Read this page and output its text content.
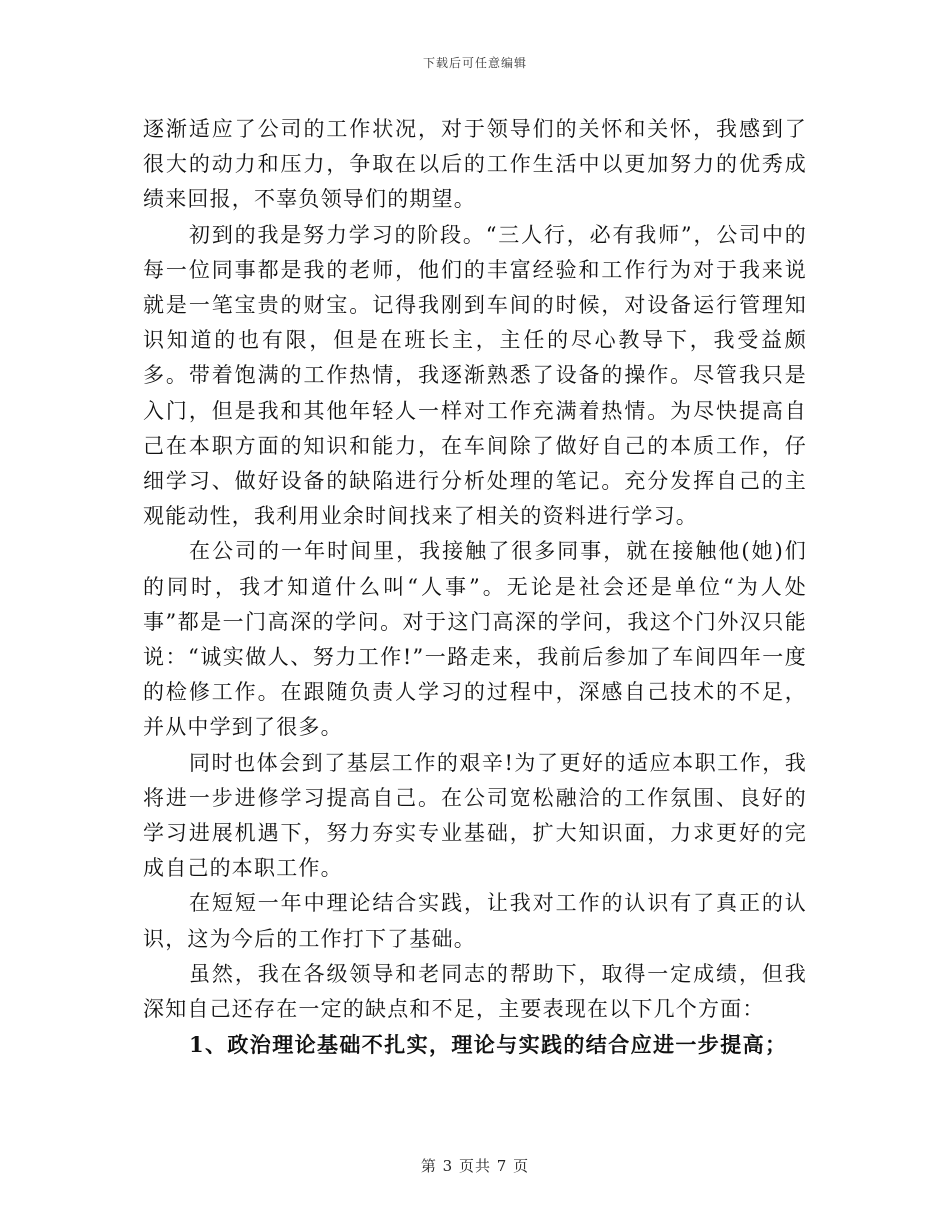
下载后可任意编辑

逐渐适应了公司的工作状况，对于领导们的关怀和关怀，我感到了很大的动力和压力，争取在以后的工作生活中以更加努力的优秀成绩来回报，不辜负领导们的期望。

初到的我是努力学习的阶段。“三人行，必有我师”，公司中的每一位同事都是我的老师，他们的丰富经验和工作行为对于我来说就是一笔宝贵的财宝。记得我刚到车间的时候，对设备运行管理知识知道的也有限，但是在班长主，主任的尽心教导下，我受益颇多。带着饱满的工作热情，我逐渐熟悉了设备的操作。尽管我只是入门，但是我和其他年轻人一样对工作充满着热情。为尽快提高自己在本职方面的知识和能力，在车间除了做好自己的本质工作，仔细学习、做好设备的缺陷进行分析处理的笔记。充分发挥自己的主观能动性，我利用业余时间找来了相关的资料进行学习。

在公司的一年时间里，我接触了很多同事，就在接触他(她)们的同时，我才知道什么叫“人事”。无论是社会还是单位“为人处事”都是一门高深的学问。对于这门高深的学问，我这个门外汉只能说：“诚实做人、努力工作!”一路走来，我前后参加了车间四年一度的检修工作。在跟随负责人学习的过程中，深感自己技术的不足，并从中学到了很多。

同时也体会到了基层工作的艰辛!为了更好的适应本职工作，我将进一步进修学习提高自己。在公司宽松融洽的工作氛围、良好的学习进展机遇下，努力夯实专业基础，扩大知识面，力求更好的完成自己的本职工作。

在短短一年中理论结合实践，让我对工作的认识有了真正的认识，这为今后的工作打下了基础。

虽然，我在各级领导和老同志的帮助下，取得一定成绩，但我深知自己还存在一定的缺点和不足，主要表现在以下几个方面：

1、政治理论基础不扎实，理论与实践的结合应进一步提高；

第 3 页共 7 页
